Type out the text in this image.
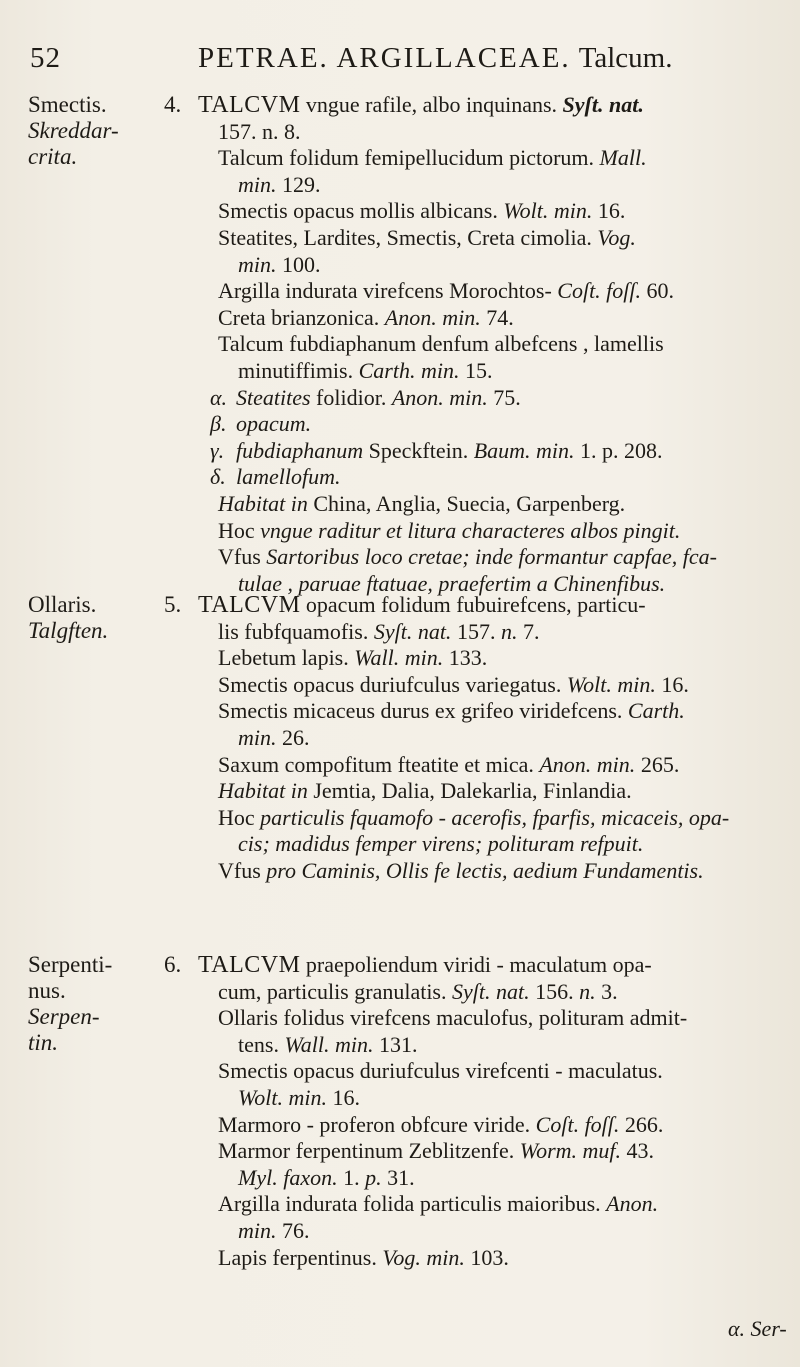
52	PETRAE. ARGILLACEAE. Talcum.
Smectis.
Skreddar-
crita.
4. TALCVM vngue rafile, albo inquinans. Syſt. nat.
157. n. 8.
Talcum folidum femipellucidum pictorum. Mall.
min. 129.
Smectis opacus mollis albicans. Wolt. min. 16.
Steatites, Lardites, Smectis, Creta cimolia. Vog.
min. 100.
Argilla indurata virefcens Morochtos- Coſt. foſſ. 60.
Creta brianzonica. Anon. min. 74.
Talcum fubdiaphanum denfum albefcens , lamellis
minutiffimis. Carth. min. 15.
α. Steatites folidior. Anon. min. 75.
β. opacum.
γ. fubdiaphanum Speckftein. Baum. min. 1. p. 208.
δ. lamellofum.
Habitat in China, Anglia, Suecia, Garpenberg.
Hoc vngue raditur et litura characteres albos pingit.
Vfus Sartoribus loco cretae; inde formantur capfae, fca-
tulae , paruae ftatuae, praefertim a Chinenfibus.
Ollaris.
Talgften.
5. TALCVM opacum folidum fubuirefcens, particu-
lis fubfquamofis. Syſt. nat. 157. n. 7.
Lebetum lapis. Wall. min. 133.
Smectis opacus duriufculus variegatus. Wolt. min. 16.
Smectis micaceus durus ex grifeo viridefcens. Carth.
min. 26.
Saxum compofitum fteatite et mica. Anon. min. 265.
Habitat in Jemtia, Dalia, Dalekarlia, Finlandia.
Hoc particulis fquamofo - acerofis, fparfis, micaceis, opa-
cis; madidus femper virens; polituram refpuit.
Vfus pro Caminis, Ollis fe lectis, aedium Fundamentis.
Serpenti-
nus.
Serpen-
tin.
6. TALCVM praepoliendum viridi - maculatum opa-
cum, particulis granulatis. Syſt. nat. 156. n. 3.
Ollaris folidus virefcens maculofus, polituram admit-
tens. Wall. min. 131.
Smectis opacus duriufculus virefcenti - maculatus.
Wolt. min. 16.
Marmoro - proferon obfcure viride. Coſt. foſſ. 266.
Marmor ferpentinum Zeblitzenfe. Worm. muf. 43.
Myl. faxon. 1. p. 31.
Argilla indurata folida particulis maioribus. Anon.
min. 76.
Lapis ferpentinus. Vog. min. 103.
α. Ser-
